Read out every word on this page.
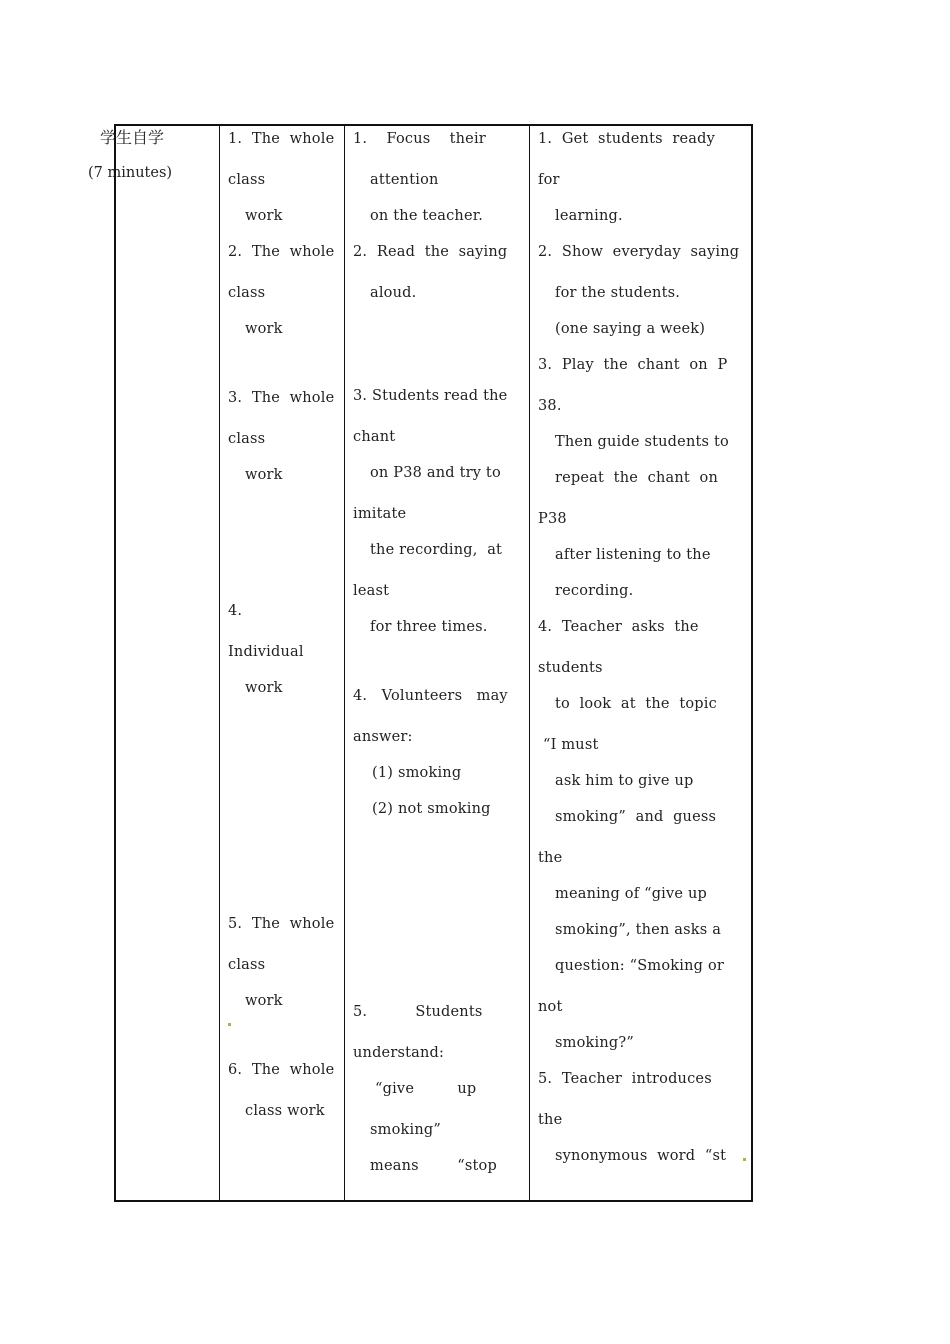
学生自学
(7 minutes)
1.  The  whole
class
work
2.  The  whole
class
work
3.  The  whole
class
work
4.
Individual
work
5.  The  whole
class
work
6.  The  whole
class work
1.    Focus    their
attention
on the teacher.
2.  Read  the  saying
aloud.
3. Students read the
chant
on P38 and try to
imitate
the recording,  at
least
for three times.
4.   Volunteers   may
answer:
(1) smoking
(2) not smoking
5.          Students
understand:
“give         up
smoking”
means        “stop
1.  Get  students  ready
for
learning.
2.  Show  everyday  saying
for the students.
(one saying a week)
3.  Play  the  chant  on  P
38.
Then guide students to
repeat  the  chant  on
P38
after listening to the
recording.
4.  Teacher  asks  the
students
to  look  at  the  topic
“I must
ask him to give up
smoking”  and  guess
the
meaning of “give up
smoking”, then asks a
question: “Smoking or
not
smoking?”
5.  Teacher  introduces
the
synonymous  word  “st
